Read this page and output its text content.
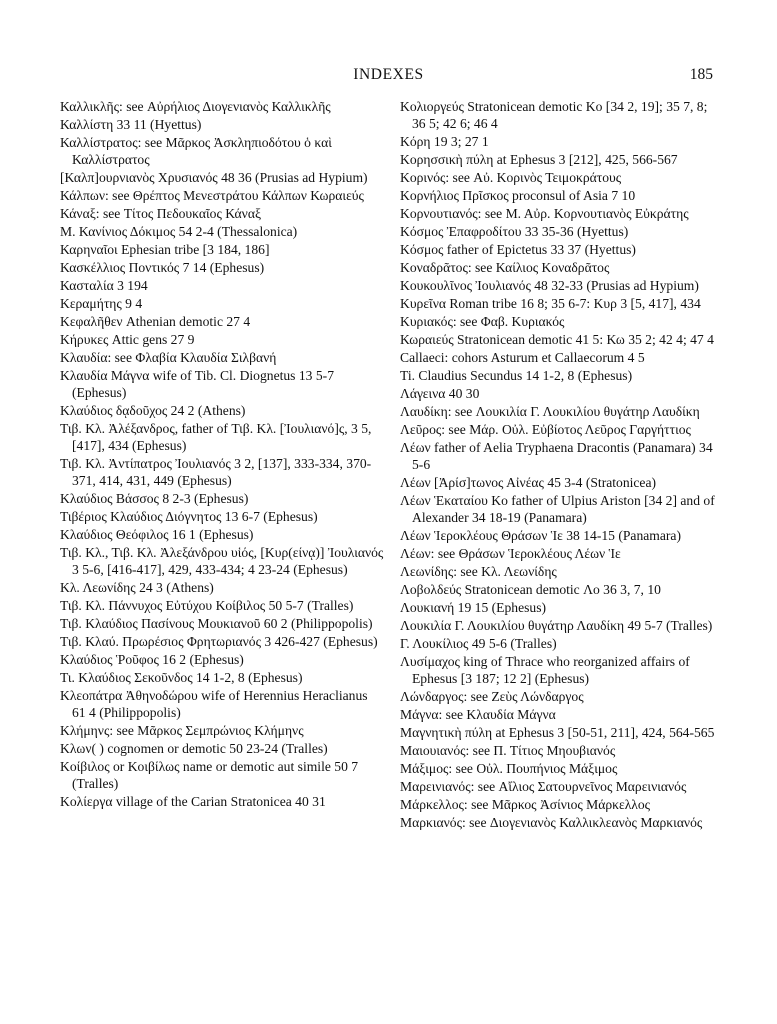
INDEXES	185

Καλλικλῆς: see Αὐρήλιος Διογενιανὸς Καλλικλῆς

Καλλίστη 33 11 (Hyettus)

Καλλίστρατος: see Μᾶρκος Ἀσκληπιοδότου ὁ καὶ Καλλίστρατος

[Καλπ]ουρνιανὸς Χρυσιανός 48 36 (Prusias ad Hypium)

Κάλπων: see Θρέπτος Μενεστράτου Κάλπων Κωραιεύς

Κάναξ: see Τίτος Πεδουκαῖος Κάναξ

Μ. Κανίνιος Δόκιμος 54 2-4 (Thessalonica)

Καρηναῖοι Ephesian tribe [3 184, 186]

Κασκέλλιος Ποντικός 7 14 (Ephesus)

Κασταλία 3 194

Κεραμήτης 9 4

Κεφαλῆθεν Athenian demotic 27 4

Κήρυκες Attic gens 27 9

Κλαυδία: see Φλαβία Κλαυδία Σιλβανή

Κλαυδία Μάγνα wife of Tib. Cl. Diognetus 13 5-7 (Ephesus)

Κλαύδιος δᾳδοῦχος 24 2 (Athens)

Τιβ. Κλ. Ἀλέξανδρος, father of Τιβ. Κλ. [Ἰουλιανό]ς, 3 5, [417], 434 (Ephesus)

Τιβ. Κλ. Ἀντίπατρος Ἰουλιανός 3 2, [137], 333-334, 370-371, 414, 431, 449 (Ephesus)

Κλαύδιος Βάσσος 8 2-3 (Ephesus)

Τιβέριος Κλαύδιος Διόγνητος 13 6-7 (Ephesus)

Κλαύδιος Θεόφιλος 16 1 (Ephesus)

Τιβ. Κλ., Τιβ. Κλ. Ἀλεξάνδρου υἱός, [Κυρ(είνᾳ)] Ἰουλιανός 3 5-6, [416-417], 429, 433-434; 4 23-24 (Ephesus)

Κλ. Λεωνίδης 24 3 (Athens)

Τιβ. Κλ. Πάννυχος Εὐτύχου Κοίβιλος 50 5-7 (Tralles)

Τιβ. Κλαύδιος Πασίνους Μουκιανοῦ 60 2 (Philippopolis)

Τιβ. Κλαύ. Πρωρέσιος Φρητωριανός 3 426-427 (Ephesus)

Κλαύδιος Ῥοῦφος 16 2 (Ephesus)

Τι. Κλαύδιος Σεκοῦνδος 14 1-2, 8 (Ephesus)

Κλεοπάτρα Ἀθηνοδώρου wife of Herennius Heraclianus 61 4 (Philippopolis)

Κλήμηνς: see Μᾶρκος Σεμπρώνιος Κλήμηνς

Κλων( ) cognomen or demotic 50 23-24 (Tralles)

Κοίβιλος or Κοιβίλως name or demotic aut simile 50 7 (Tralles)

Κολίεργα village of the Carian Stratonicea 40 31

Κολιοργεύς Stratonicean demotic Κο [34 2, 19]; 35 7, 8; 36 5; 42 6; 46 4

Κόρη 19 3; 27 1

Κορησσικὴ πύλη at Ephesus 3 [212], 425, 566-567

Κορινός: see Αὐ. Κορινὸς Τειμοκράτους

Κορνήλιος Πρῖσκος proconsul of Asia 7 10

Κορνουτιανός: see Μ. Αὐρ. Κορνουτιανὸς Εὐκράτης

Κόσμος Ἐπαφροδίτου 33 35-36 (Hyettus)

Κόσμος father of Epictetus 33 37 (Hyettus)

Κοναδρᾶτος: see Καίλιος Κοναδρᾶτος

Κουκουλῖνος Ἰουλιανός 48 32-33 (Prusias ad Hypium)

Κυρεῖνα Roman tribe 16 8; 35 6-7: Κυρ 3 [5, 417], 434

Κυριακός: see Φαβ. Κυριακός

Κωραιεύς Stratonicean demotic 41 5: Κω 35 2; 42 4; 47 4

Callaeci: cohors Asturum et Callaecorum 4 5

Ti. Claudius Secundus 14 1-2, 8 (Ephesus)

Λάγεινα 40 30

Λαυδίκη: see Λουκιλία Γ. Λουκιλίου θυγάτηρ Λαυδίκη

Λεῦρος: see Μάρ. Οὐλ. Εὐβίοτος Λεῦρος Γαργήττιος

Λέων father of Aelia Tryphaena Dracontis (Panamara) 34 5-6

Λέων [Ἀρίσ]τωνος Αἰνέας 45 3-4 (Stratonicea)

Λέων Ἑκαταίου Κο father of Ulpius Ariston [34 2] and of Alexander 34 18-19 (Panamara)

Λέων Ἱεροκλέους Θράσων Ἱε 38 14-15 (Panamara)

Λέων: see Θράσων Ἱεροκλέους Λέων Ἱε

Λεωνίδης: see Κλ. Λεωνίδης

Λοβολδεύς Stratonicean demotic Λο 36 3, 7, 10

Λουκιανή 19 15 (Ephesus)

Λουκιλία Γ. Λουκιλίου θυγάτηρ Λαυδίκη 49 5-7 (Tralles)

Γ. Λουκίλιος 49 5-6 (Tralles)

Λυσίμαχος king of Thrace who reorganized affairs of Ephesus [3 187; 12 2] (Ephesus)

Λώνδαργος: see Ζεὺς Λώνδαργος

Μάγνα: see Κλαυδία Μάγνα

Μαγνητικὴ πύλη at Ephesus 3 [50-51, 211], 424, 564-565

Μαιουιανός: see Π. Τίτιος Μηουβιανός

Μάξιμος: see Οὐλ. Πουπήνιος Μάξιμος

Μαρεινιανός: see Αἴλιος Σατουρνεῖνος Μαρεινιανός

Μάρκελλος: see Μᾶρκος Ἀσίνιος Μάρκελλος

Μαρκιανός: see Διογενιανὸς Καλλικλεανὸς Μαρκιανός
